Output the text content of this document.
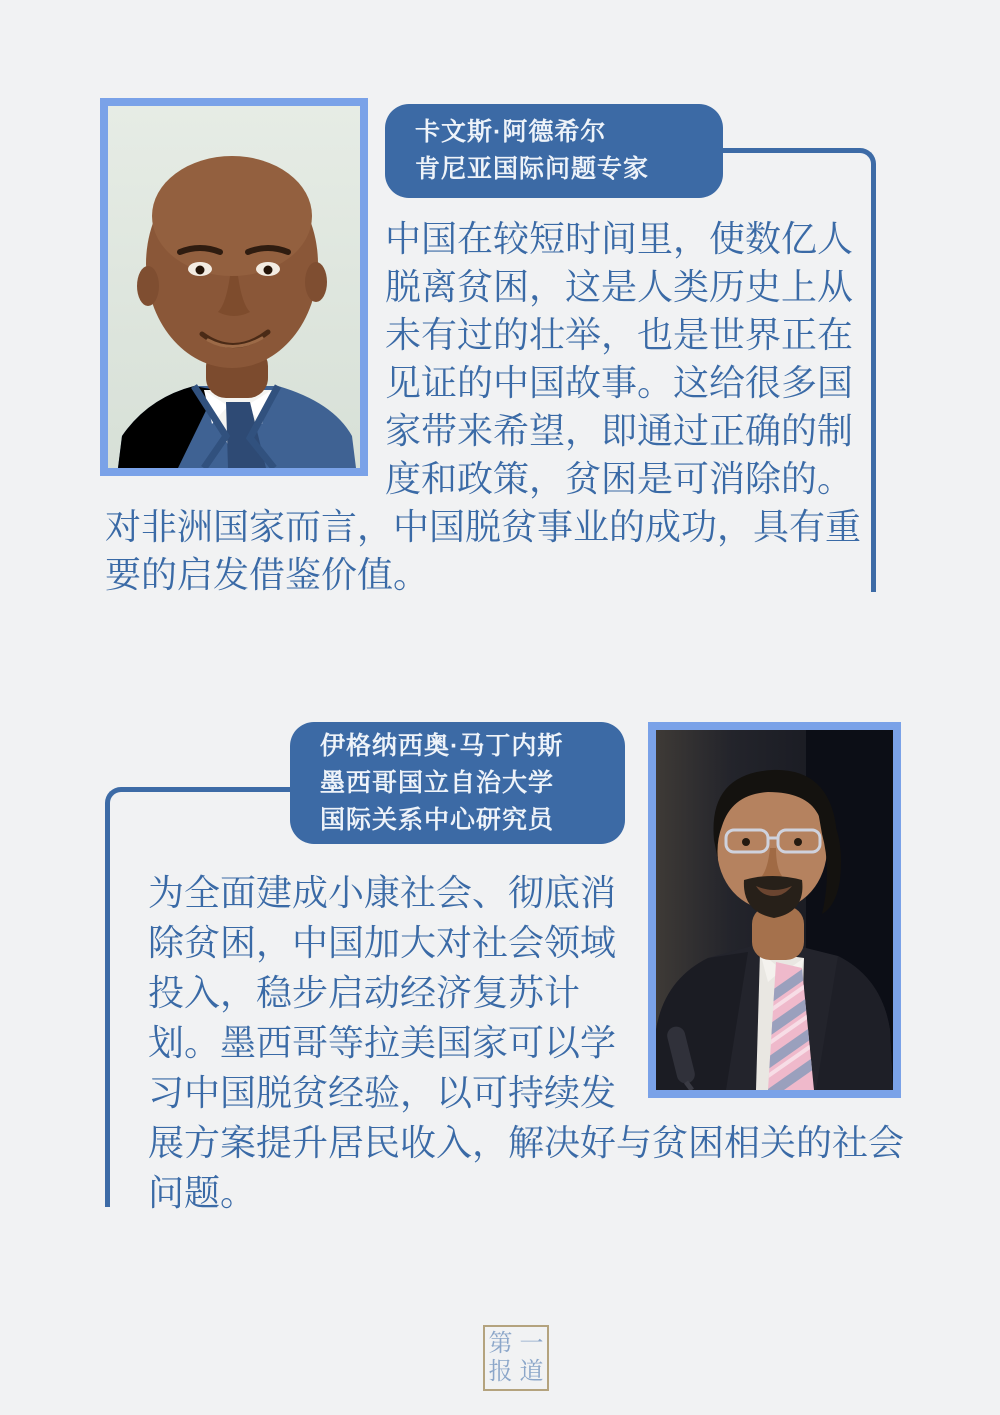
卡文斯·阿德希尔
肯尼亚国际问题专家
中国在较短时间里，使数亿人
脱离贫困，这是人类历史上从
未有过的壮举，也是世界正在
见证的中国故事。这给很多国
家带来希望，即通过正确的制
度和政策，贫困是可消除的。
对非洲国家而言，中国脱贫事业的成功，具有重
要的启发借鉴价值。
伊格纳西奥·马丁内斯
墨西哥国立自治大学
国际关系中心研究员
为全面建成小康社会、彻底消
除贫困，中国加大对社会领域
投入，稳步启动经济复苏计
划。墨西哥等拉美国家可以学
习中国脱贫经验，以可持续发
展方案提升居民收入，解决好与贫困相关的社会
问题。
第一
报道
